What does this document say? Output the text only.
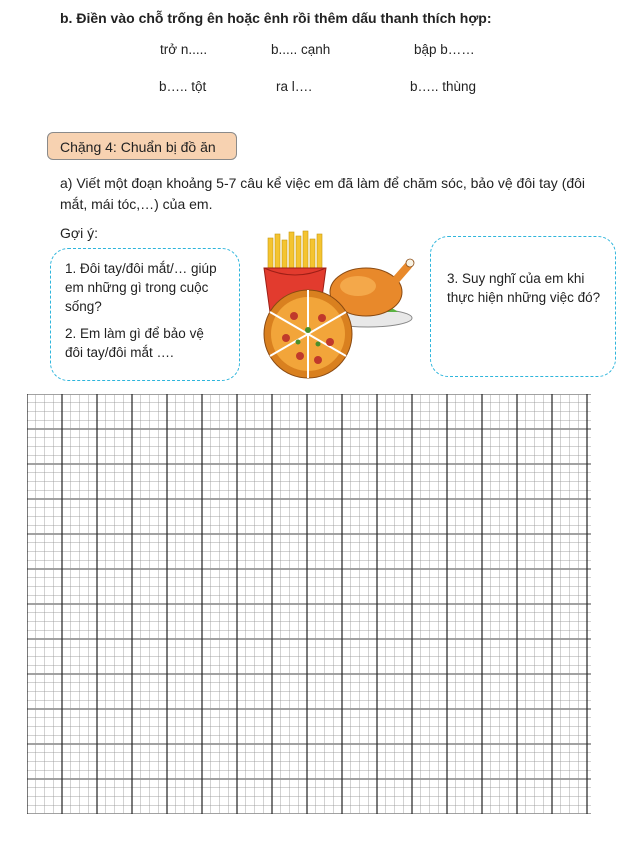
b. Điền vào chỗ trống ên hoặc ênh rồi thêm dấu thanh thích hợp:
trở n.....	b..... cạnh	bập b……
b….. tột	ra l….	b….. thùng
Chặng 4: Chuẩn bị đồ ăn
a) Viết một đoạn khoảng 5-7 câu kể việc em đã làm để chăm sóc, bảo vệ đôi tay (đôi mắt, mái tóc,…) của em.
Gợi ý:

1. Đôi tay/đôi mắt/… giúp em những gì trong cuộc sống?

2. Em làm gì để bảo vệ đôi tay/đôi mắt ….

3. Suy nghĩ của em khi thực hiện những việc đó?
